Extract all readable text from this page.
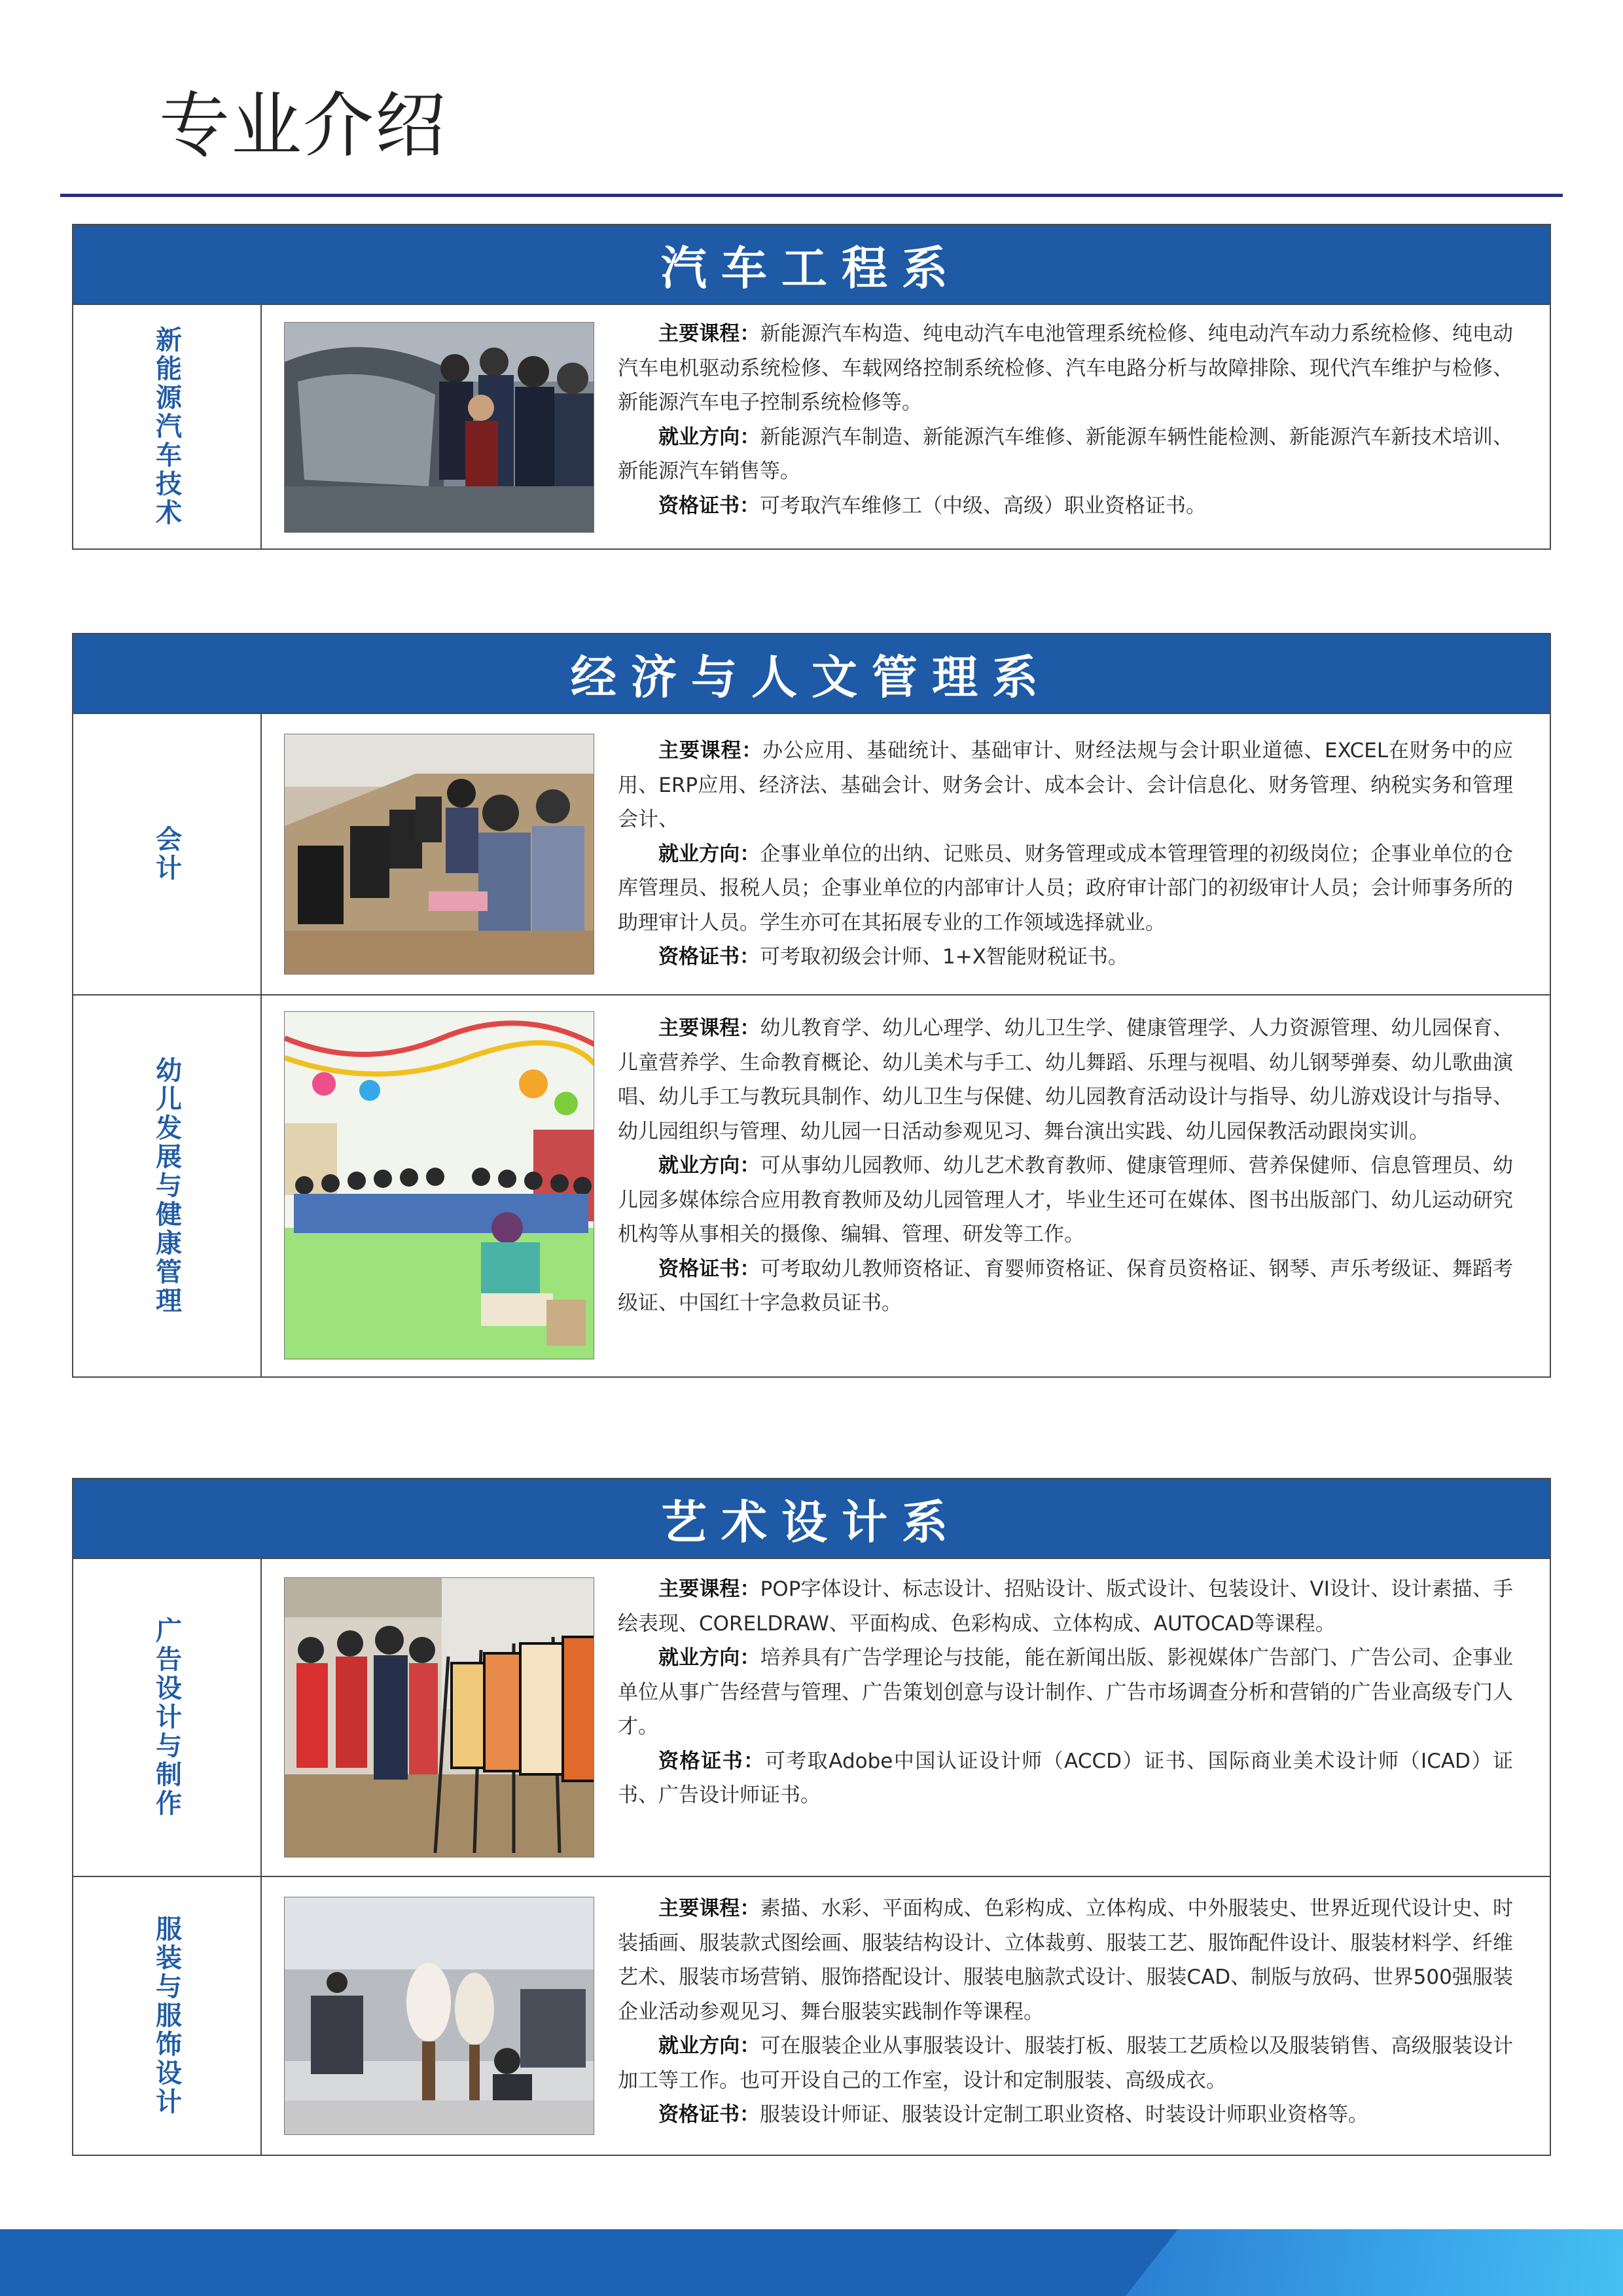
专业介绍
汽车工程系
新能源汽车技术	主要课程：新能源汽车构造、纯电动汽车电池管理系统检修、纯电动汽车动力系统检修、纯电动汽车电机驱动系统检修、车载网络控制系统检修、汽车电路分析与故障排除、现代汽车维护与检修、新能源汽车电子控制系统检修等。

就业方向：新能源汽车制造、新能源汽车维修、新能源车辆性能检测、新能源汽车新技术培训、新能源汽车销售等。

资格证书：可考取汽车维修工（中级、高级）职业资格证书。

经济与人文管理系
会计

主要课程：办公应用、基础统计、基础审计、财经法规与会计职业道德、EXCEL在财务中的应用、ERP应用、经济法、基础会计、财务会计、成本会计、会计信息化、财务管理、纳税实务和管理会计、

就业方向：企事业单位的出纳、记账员、财务管理或成本管理管理的初级岗位；企事业单位的仓库管理员、报税人员；企事业单位的内部审计人员；政府审计部门的初级审计人员；会计师事务所的助理审计人员。学生亦可在其拓展专业的工作领域选择就业。

资格证书：可考取初级会计师、1+X智能财税证书。

幼儿发展与健康管理

主要课程：幼儿教育学、幼儿心理学、幼儿卫生学、健康管理学、人力资源管理、幼儿园保育、儿童营养学、生命教育概论、幼儿美术与手工、幼儿舞蹈、乐理与视唱、幼儿钢琴弹奏、幼儿歌曲演唱、幼儿手工与教玩具制作、幼儿卫生与保健、幼儿园教育活动设计与指导、幼儿游戏设计与指导、幼儿园组织与管理、幼儿园一日活动参观见习、舞台演出实践、幼儿园保教活动跟岗实训。

就业方向：可从事幼儿园教师、幼儿艺术教育教师、健康管理师、营养保健师、信息管理员、幼儿园多媒体综合应用教育教师及幼儿园管理人才，毕业生还可在媒体、图书出版部门、幼儿运动研究机构等从事相关的摄像、编辑、管理、研发等工作。

资格证书：可考取幼儿教师资格证、育婴师资格证、保育员资格证、钢琴、声乐考级证、舞蹈考级证、中国红十字急救员证书。

艺术设计系
广告设计与制作

主要课程：POP字体设计、标志设计、招贴设计、版式设计、包装设计、VI设计、设计素描、手绘表现、CORELDRAW、平面构成、色彩构成、立体构成、AUTOCAD等课程。

就业方向：培养具有广告学理论与技能，能在新闻出版、影视媒体广告部门、广告公司、企事业单位从事广告经营与管理、广告策划创意与设计制作、广告市场调查分析和营销的广告业高级专门人才。

资格证书：可考取Adobe中国认证设计师（ACCD）证书、国际商业美术设计师（ICAD）证书、广告设计师证书。

服装与服饰设计

主要课程：素描、水彩、平面构成、色彩构成、立体构成、中外服装史、世界近现代设计史、时装插画、服装款式图绘画、服装结构设计、立体裁剪、服装工艺、服饰配件设计、服装材料学、纤维艺术、服装市场营销、服饰搭配设计、服装电脑款式设计、服装CAD、制版与放码、世界500强服装企业活动参观见习、舞台服装实践制作等课程。

就业方向：可在服装企业从事服装设计、服装打板、服装工艺质检以及服装销售、高级服装设计加工等工作。也可开设自己的工作室，设计和定制服装、高级成衣。

资格证书：服装设计师证、服装设计定制工职业资格、时装设计师职业资格等。
